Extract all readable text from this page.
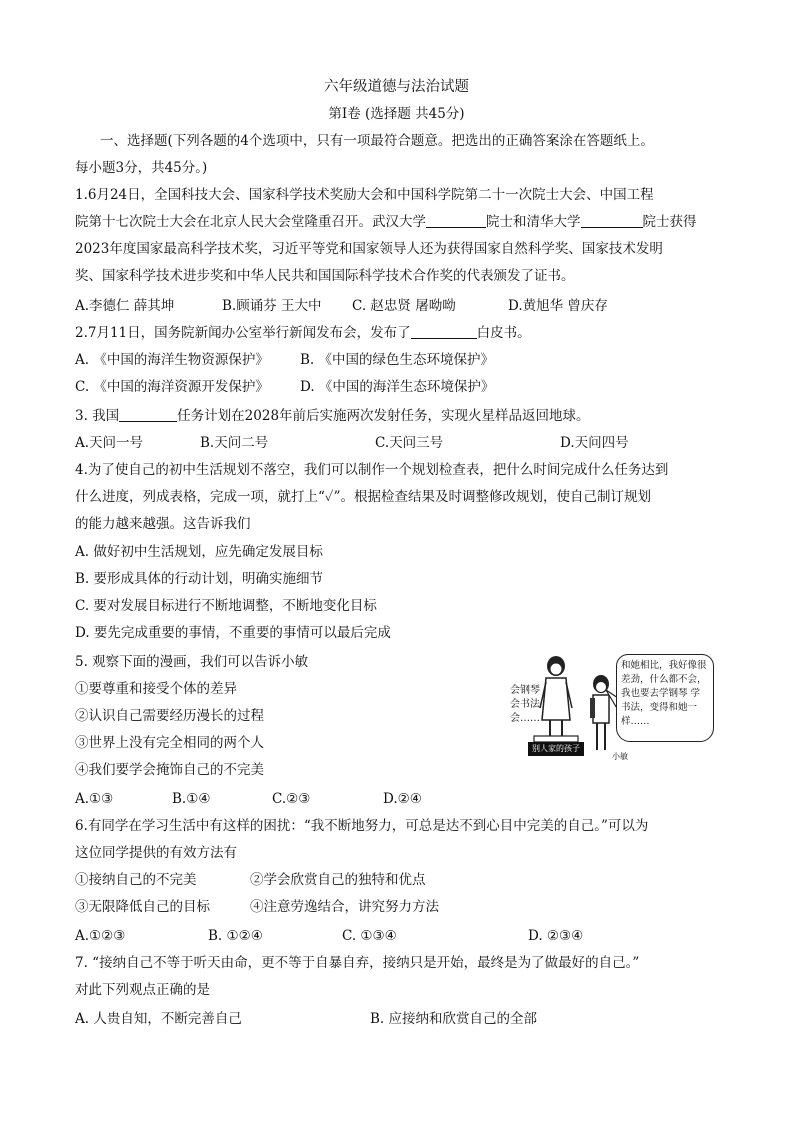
六年级道德与法治试题
第Ⅰ卷 (选择题 共45分)
一、选择题(下列各题的4个选项中，只有一项最符合题意。把选出的正确答案涂在答题纸上。
每小题3分，共45分。)
1.6月24日，全国科技大会、国家科学技术奖励大会和中国科学院第二十一次院士大会、中国工程
院第十七次院士大会在北京人民大会堂隆重召开。武汉大学	院士和清华大学	院士获得
2023年度国家最高科学技术奖，习近平等党和国家领导人还为获得国家自然科学奖、国家技术发明
奖、国家科学技术进步奖和中华人民共和国国际科学技术合作奖的代表颁发了证书。
A.李德仁 薛其坤	B.顾诵芬 王大中 C. 赵忠贤 屠呦呦	D.黄旭华 曾庆存
2.7月11日，国务院新闻办公室举行新闻发布会，发布了	白皮书。
A. 《中国的海洋生物资源保护》 B. 《中国的绿色生态环境保护》
C. 《中国的海洋资源开发保护》 D. 《中国的海洋生态环境保护》
3. 我国	任务计划在2028年前后实施两次发射任务，实现火星样品返回地球。
A.天问一号	B.天问二号	C.天问三号	D.天问四号
4.为了使自己的初中生活规划不落空，我们可以制作一个规划检查表，把什么时间完成什么任务达到
什么进度，列成表格，完成一项，就打上“✓”。根据检查结果及时调整修改规划，使自己制订规划
的能力越来越强。这告诉我们
A. 做好初中生活规划，应先确定发展目标
B. 要形成具体的行动计划，明确实施细节
C. 要对发展目标进行不断地调整，不断地变化目标
D. 要先完成重要的事情，不重要的事情可以最后完成
5. 观察下面的漫画，我们可以告诉小敏
①要尊重和接受个体的差异
②认识自己需要经历漫长的过程
③世界上没有完全相同的两个人
④我们要学会掩饰自己的不完美
A.①③	B.①④	C.②③	D.②④
会钢琴
会书法
会……
和她相比，我好像很差劲，什么都不会，我也要去学钢琴 学书法，变得和她一样……
别人家的孩子
小敏
6.有同学在学习生活中有这样的困扰：“我不断地努力，可总是达不到心目中完美的自己。”可以为
这位同学提供的有效方法有
①接纳自己的不完美	②学会欣赏自己的独特和优点
③无限降低自己的目标	④注意劳逸结合，讲究努力方法
A.①②③	B. ①②④	C. ①③④	D. ②③④
7. “接纳自己不等于听天由命，更不等于自暴自弃，接纳只是开始，最终是为了做最好的自己。”
对此下列观点正确的是
A. 人贵自知，不断完善自己	B. 应接纳和欣赏自己的全部
